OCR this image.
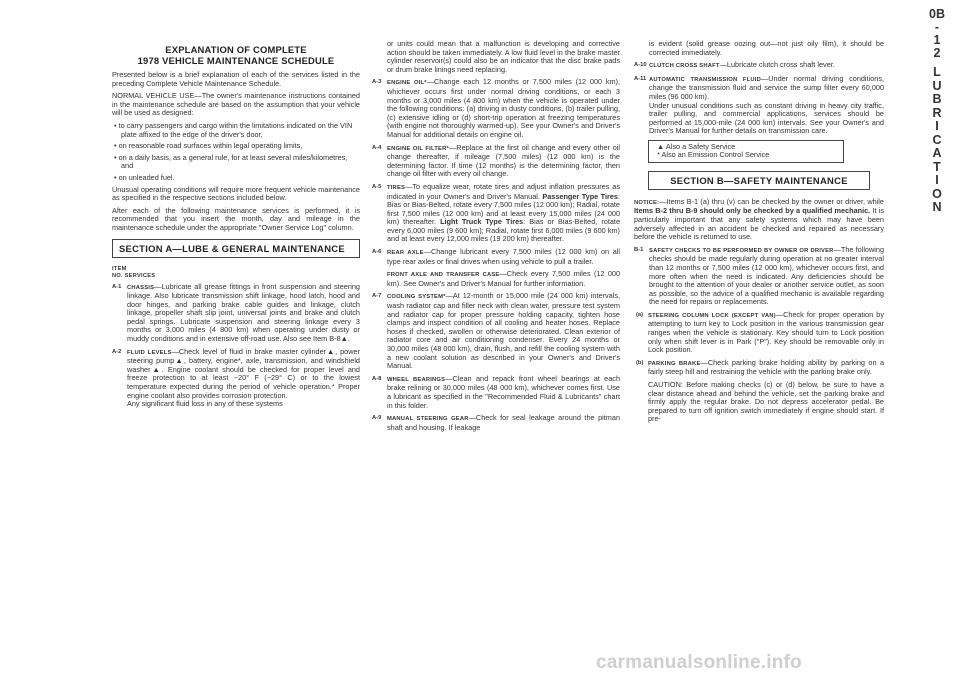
EXPLANATION OF COMPLETE
1978 VEHICLE MAINTENANCE SCHEDULE

Presented below is a brief explanation of each of the services listed in the preceding Complete Vehicle Maintenance Schedule.

NORMAL VEHICLE USE—The owner's maintenance instructions contained in the maintenance schedule are based on the assumption that your vehicle will be used as designed:

• to carry passengers and cargo within the limitations indicated on the VIN plate affixed to the edge of the driver's door,
• on reasonable road surfaces within legal operating limits,
• on a daily basis, as a general rule, for at least several miles/kilometres, and
• on unleaded fuel.

Unusual operating conditions will require more frequent vehicle maintenance as specified in the respective sections included below.

After each of the following maintenance services is performed, it is recommended that you insert the month, day and mileage in the maintenance schedule under the appropriate "Owner Service Log" column.

SECTION A—LUBE & GENERAL MAINTENANCE
ITEM
NO. SERVICES
A-1 CHASSIS—Lubricate all grease fittings in front suspension and steering linkage. Also lubricate transmission shift linkage, hood latch, hood and door hinges, and parking brake cable guides and linkage, clutch linkage, propeller shaft slip joint, universal joints and brake and clutch pedal springs. Lubricate suspension and steering linkage every 3 months or 3,000 miles (4 800 km) when operating under dusty or muddy conditions and in extensive off-road use. Also see Item B-8▲.
A-2 FLUID LEVELS—Check level of fluid in brake master cylinder▲, power steering pump▲, battery, engine*, axle, transmission, and windshield washer▲. Engine coolant should be checked for proper level and freeze protection to at least −20° F (−29° C) or to the lowest temperature expected during the period of vehicle operation.* Proper engine coolant also provides corrosion protection.
Any significant fluid loss in any of these systems

or units could mean that a malfunction is developing and corrective action should be taken immediately. A low fluid level in the brake master cylinder reservoir(s) could also be an indicator that the disc brake pads or drum brake linings need replacing.

A-3 ENGINE OIL*—Change each 12 months or 7,500 miles (12 000 km), whichever occurs first under normal driving conditions, or each 3 months or 3,000 miles (4 800 km) when the vehicle is operated under the following conditions: (a) driving in dusty conditions, (b) trailer pulling, (c) extensive idling or (d) short-trip operation at freezing temperatures (with engine not thoroughly warmed-up). See your Owner's and Driver's Manual for additional details on engine oil.
A-4 ENGINE OIL FILTER*—Replace at the first oil change and every other oil change thereafter, if mileage (7,500 miles) (12 000 km) is the determining factor. If time (12 months) is the determining factor, then change oil filter with every oil change.
A-5 TIRES—To equalize wear, rotate tires and adjust inflation pressures as indicated in your Owner's and Driver's Manual. Passenger Type Tires: Bias or Bias-Belted, rotate every 7,500 miles (12 000 km); Radial, rotate first 7,500 miles (12 000 km) and at least every 15,000 miles (24 000 km) thereafter. Light Truck Type Tires: Bias or Bias-Belted, rotate every 6,000 miles (9 600 km); Radial, rotate first 6,000 miles (9 600 km) and at least every 12,000 miles (19 200 km) thereafter.
A-6 REAR AXLE—Change lubricant every 7,500 miles (12 000 km) on all type rear axles or final drives when using vehicle to pull a trailer.
FRONT AXLE AND TRANSFER CASE—Check every 7,500 miles (12 000 km). See Owner's and Driver's Manual for further information.
A-7 COOLING SYSTEM*—At 12-month or 15,000 mile (24 000 km) intervals, wash radiator cap and filler neck with clean water, pressure test system and radiator cap for proper pressure holding capacity, tighten hose clamps and inspect condition of all cooling and heater hoses. Replace hoses if checked, swollen or otherwise deteriorated. Clean exterior of radiator core and air conditioning condenser. Every 24 months or 30,000 miles (48 000 km), drain, flush, and refill the cooling system with a new coolant solution as described in your Owner's and Driver's Manual.
A-8 WHEEL BEARINGS—Clean and repack front wheel bearings at each brake relining or 30,000 miles (48 000 km), whichever comes first. Use a lubricant as specified in the "Recommended Fluid & Lubricants" chart in this folder.
A-9 MANUAL STEERING GEAR—Check for seal leakage around the pitman shaft and housing. If leakage

is evident (solid grease oozing out—not just oily film), it should be corrected immediately.

A-10 CLUTCH CROSS SHAFT—Lubricate clutch cross shaft lever.
A-11 AUTOMATIC TRANSMISSION FLUID—Under normal driving conditions, change the transmission fluid and service the sump filter every 60,000 miles (96 000 km).
Under unusual conditions such as constant driving in heavy city traffic, trailer pulling, and commercial applications, services should be performed at 15,000-mile (24 000 km) intervals. See your Owner's and Driver's Manual for further details on transmission care.
▲ Also a Safety Service
* Also an Emission Control Service
SECTION B—SAFETY MAINTENANCE

NOTICE:—Items B-1 (a) thru (v) can be checked by the owner or driver, while Items B-2 thru B-9 should only be checked by a qualified mechanic. It is particularly important that any safety systems which may have been adversely affected in an accident be checked and repaired as necessary before the vehicle is returned to use.

B-1 SAFETY CHECKS TO BE PERFORMED BY OWNER OR DRIVER—The following checks should be made regularly during operation at no greater interval than 12 months or 7,500 miles (12 000 km), whichever occurs first, and more often when the need is indicated. Any deficiencies should be brought to the attention of your dealer or another service outlet, as soon as possible, so the advice of a qualified mechanic is available regarding the need for repairs or replacements.
(a) STEERING COLUMN LOCK (EXCEPT VAN)—Check for proper operation by attempting to turn key to Lock position in the various transmission gear ranges when the vehicle is stationary. Key should turn to Lock position only when shift lever is in Park ("P"). Key should be removable only in Lock position.
(b) PARKING BRAKE—Check parking brake holding ability by parking on a fairly steep hill and restraining the vehicle with the parking brake only.

CAUTION: Before making checks (c) or (d) below, be sure to have a clear distance ahead and behind the vehicle, set the parking brake and firmly apply the regular brake. Do not depress accelerator pedal. Be prepared to turn off ignition switch immediately if engine should start. If pre-

0B
-
1
2
L
U
B
R
I
C
A
T
I
O
N
carmanualsonline.info
